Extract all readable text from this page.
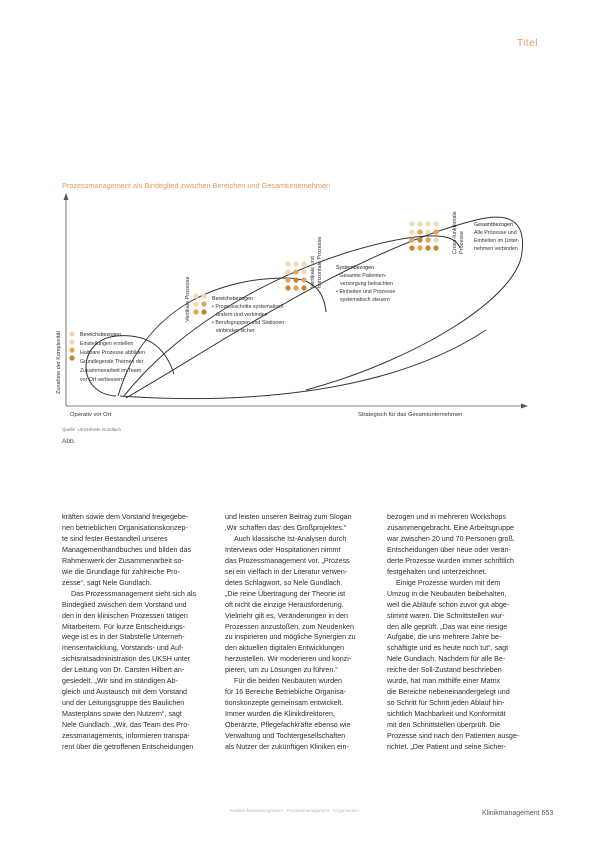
Titel
Prozessmanagement als Bindeglied zwischen Bereichen und Gesamtunternehmen
Zunahme der Komplexität
Vertikale Prozesse
Vertikale und horizontale Prozesse
Cross-funktionale Prozesse
Bereichsbezogen
Einstellungen erstellen
Haltbare Prozesse abbilden
Grundlegende Themen der
Zusammenarbeit im Team
vor Ort verbessern
Bereichsbezogen
• Prozessschritte systematisch
ändern und verbinden
• Berufsgruppen und Stationen
einbinden sicher
Systembezogen
• Gesamte Patienten-
versorgung betrachten
• Einheiten und Prozesse
systematisch steuern
Gesamtbezogen
Alle Prozesse und
Einheiten im Unter-
nehmen verbinden
Operativ vor Ort	Strategisch für das Gesamtunternehmen
Quelle: UKSH/Nele Gundlach
Abb.

kräften sowie dem Vorstand freigegebe-

nen betrieblichen Organisationskonzep-

te sind fester Bestandteil unseres

Managementhandbuches und bilden das

Rahmenwerk der Zusammenarbeit so-

wie die Grundlage für zahlreiche Pro-

zesse“, sagt Nele Gundlach.

Das Prozessmanagement sieht sich als

Bindeglied zwischen dem Vorstand und

den in den klinischen Prozessen tätigen

Mitarbeitern. Für kurze Entscheidungs-

wege ist es in der Stabstelle Unterneh-

mensentwicklung, Vorstands- und Auf-

sichtsratsadministration des UKSH unter

der Leitung von Dr. Carsten Hilbert an-

gesiedelt. „Wir sind im ständigen Ab-

gleich und Austausch mit dem Vorstand

und der Leitungsgruppe des Baulichen

Masterplans sowie den Nutzern“, sagt

Nele Gundlach. „Wir, das Team des Pro-

zessmanagements, informieren transpa-

rent über die getroffenen Entscheidungen

und leisten unseren Beitrag zum Slogan

‚Wir schaffen das‘ des Großprojektes.“

Auch klassische Ist-Analysen durch

Interviews oder Hospitationen nimmt

das Prozessmanagement vor. „Prozess

sei ein vielfach in der Literatur verwen-

detes Schlagwort, so Nele Gundlach.

„Die reine Übertragung der Theorie ist

oft nicht die einzige Herausforderung.

Vielmehr gilt es, Veränderungen in den

Prozessen anzustoßen, zum Neudenken

zu inspirieren und mögliche Synergien zu

den aktuellen digitalen Entwicklungen

herzustellen. Wir moderieren und konzi-

pieren, um zu Lösungen zu führen.“

Für die beiden Neubauten wurden

für 16 Bereiche Betriebliche Organisa-

tionskonzepte gemeinsam entwickelt.

Immer wurden die Klinikdirektoren,

Oberärzte, Pflegefachkräfte ebenso wie

Verwaltung und Tochtergesellschaften

als Nutzer der zukünftigen Kliniken ein-

bezogen und in mehreren Workshops

zusammengebracht. Eine Arbeitsgruppe

war zwischen 20 und 70 Personen groß.

Entscheidungen über neue oder verän-

derte Prozesse wurden immer schriftlich

festgehalten und unterzeichnet.

Einige Prozesse wurden mit dem

Umzug in die Neubauten beibehalten,

weil die Abläufe schon zuvor gut abge-

stimmt waren. Die Schnittstellen wur-

den alle geprüft. „Das war eine riesige

Aufgabe, die uns mehrere Jahre be-

schäftigte und es heute noch tut“, sagt

Nele Gundlach. Nachdem für alle Be-

reiche der Soll-Zustand beschrieben

wurde, hat man mithilfe einer Matrix

die Bereiche nebeneinandergelegt und

so Schritt für Schritt jeden Ablauf hin-

sichtlich Machbarkeit und Konformität

mit den Schnittstellen überprüft. Die

Prozesse sind nach den Patienten ausge-

richtet. „Der Patient und seine Sicher-

Krankenhausmanagement · Prozessmanagement · Organisation	Klinikmanagement 653
